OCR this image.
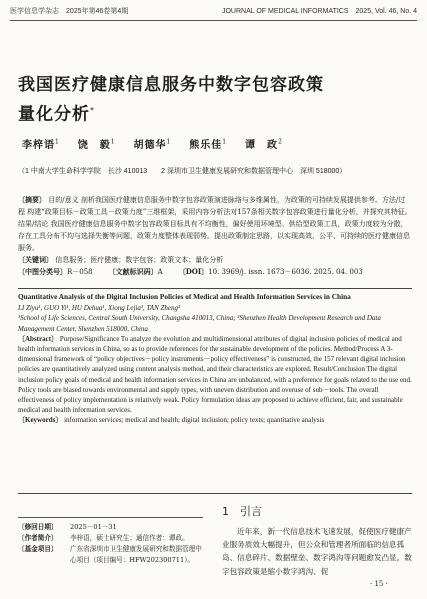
医学信息学杂志　2025年第46卷第4期	JOURNAL OF MEDICAL INFORMATICS　2025, Vol. 46, No. 4
我国医疗健康信息服务中数字包容政策
量化分析*
李梓语$^1$ 饶　毅$^1$ 胡德华$^1$ 熊乐佳$^1$ 谭　政$^2$
（1 中南大学生命科学学院　长沙 410013　　2 深圳市卫生健康发展研究和数据管理中心　深圳 518000）

〔摘要〕 目的/意义 剖析我国医疗健康信息服务中数字包容政策演进脉络与多维属性，为政策的可持续发展提供参考。方法/过程 构建“政策目标－政策工具－政策力度”三维框架，采用内容分析法对157条相关数字包容政策进行量化分析，并探究其特征。结果/结论 我国医疗健康信息服务中数字包容政策目标具有不均衡性，偏好使用环境型、供给型政策工具，政策力度较为分散，存在工具分布不均与选择失衡等问题，政策力度整体表现弱势。提出政策制定思路，以实现高效、公平、可持续的医疗健康信息服务。

〔关键词〕 信息服务；医疗健康；数字包容；政策文本；量化分析

〔中图分类号〕R－058 〔文献标识码〕A 〔DOI〕10. 3969/j. issn. 1673－6036. 2025. 04. 003

Quantitative Analysis of the Digital Inclusion Policies of Medical and Health Information Services in China

LI Ziyu¹, GUO Yi¹, HU Dehua¹, Xiong Lejia¹, TAN Zheng²

¹School of Life Sciences, Central South University, Changsha 410013, China; ²Shenzhen Health Development Research and Data Management Center, Shenzhen 518000, China

〔Abstract〕 Purpose/Significance To analyze the evolution and multidimensional attributes of digital inclusion policies of medical and health information services in China, so as to provide references for the sustainable development of the policies. Method/Process A 3-dimensional framework of “policy objectives－policy instruments－policy effectiveness” is constructed, the 157 relevant digital inclusion policies are quantitatively analyzed using content analysis method, and their characteristics are explored. Result/Conclusion The digital inclusion policy goals of medical and health information services in China are unbalanced, with a preference for goals related to the use end. Policy tools are biased towards environmental and supply types, with uneven distribution and overuse of sub－tools. The overall effectiveness of policy implementation is relatively weak. Policy formulation ideas are proposed to achieve efficient, fair, and sustainable medical and health information services.

〔Keywords〕 information services; medical and health; digital inclusion; policy texts; quantitative analysis

1　引言
〔修回日期〕	2025－01－31
〔作者简介〕	李梓语，硕士研究生；通信作者：谭政。
〔基金项目〕	广东省深圳市卫生健康发展研究和数据管理中心项目（项目编号：HFW202300711）。

近年来，新一代信息技术飞速发展，促使医疗健康产业服务质效大幅提升，但公众和管理者所面临的信息孤岛、信息碎片、数据壁垒、数字鸿沟等问题愈发凸显。数字包容政策是缩小数字鸿沟、促

· 15 ·
